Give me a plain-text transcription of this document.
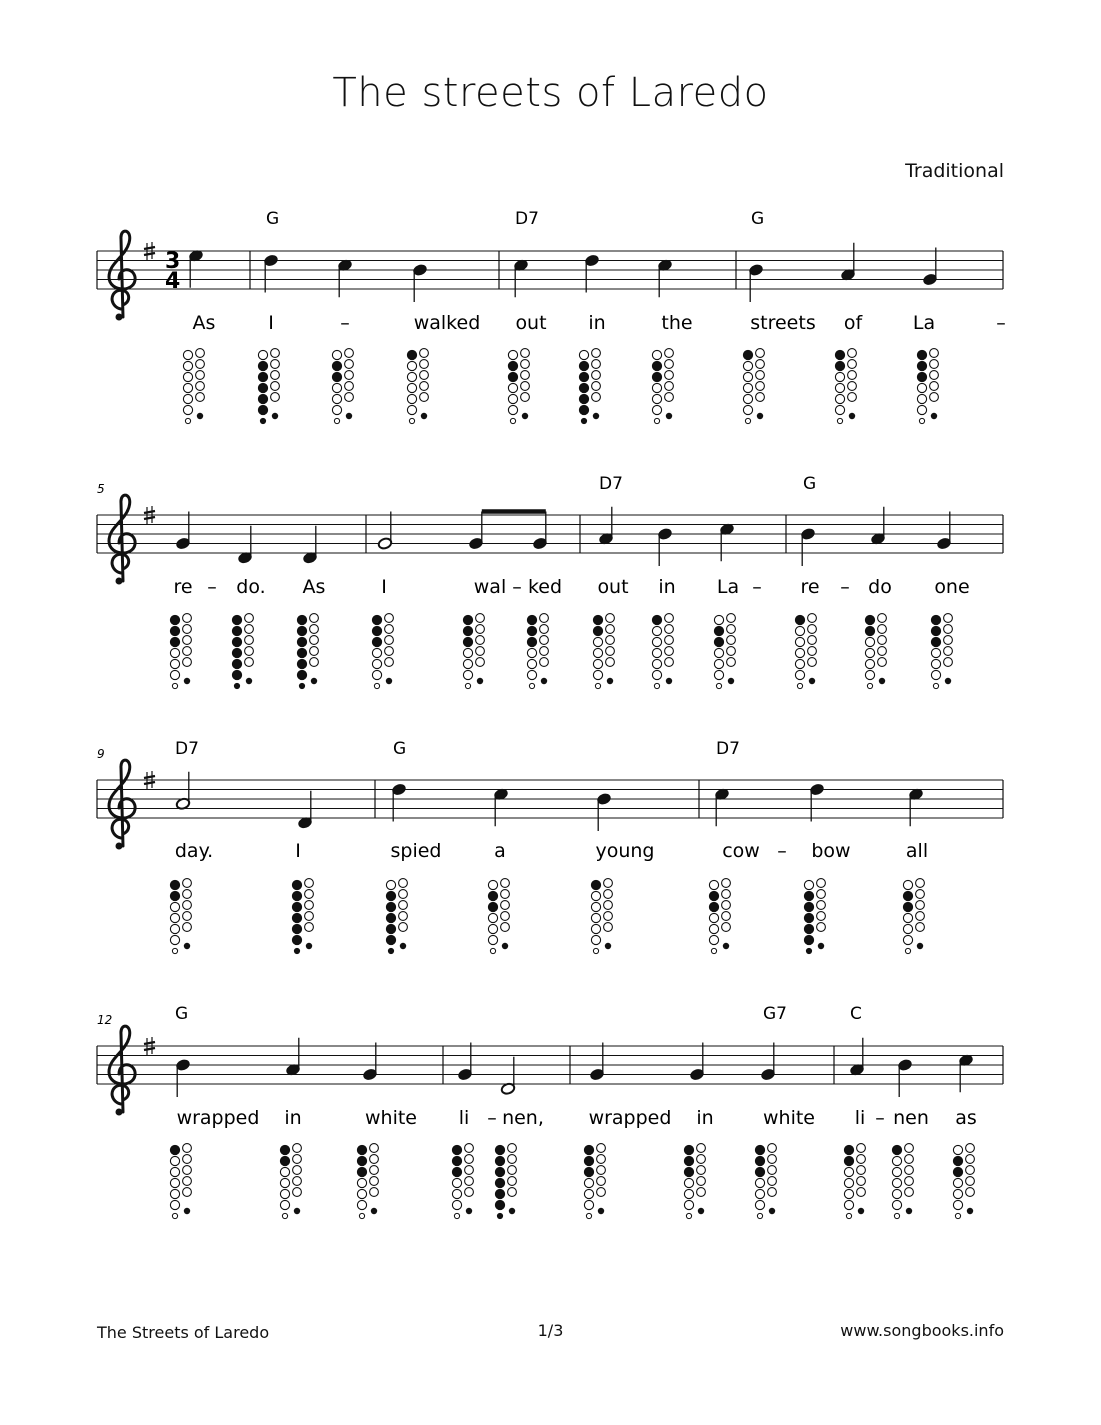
The streets of Laredo
Traditional
3
4
G	D7	G
As	I	–	walked out in	the	streets of	La	–
5	D7	G
re – do. As	I	wal – ked out in La – re – do one
9	D7	G	D7
day.	I	spied	a	young	cow – bow	all
12	G	G7	C
wrapped in	white li – nen, wrapped in	white li – nen as
The Streets of Laredo	1/3	www.songbooks.info
